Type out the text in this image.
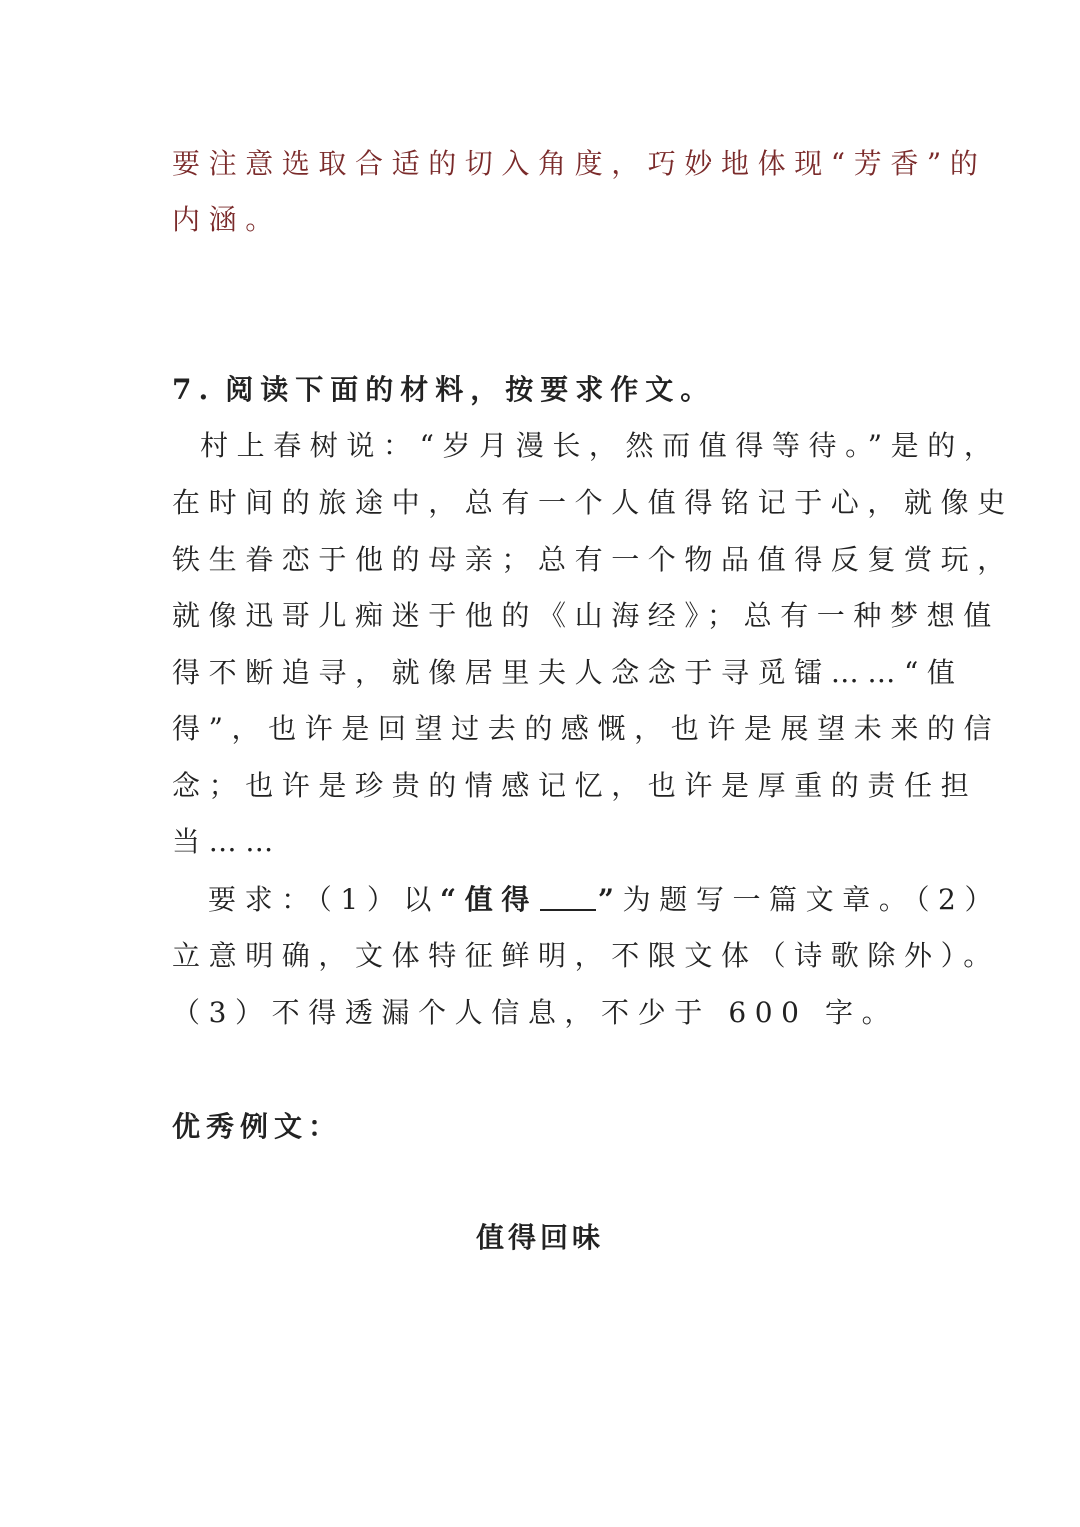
要注意选取合适的切入角度，巧妙地体现“芳香”的
内涵。
7. 阅读下面的材料，按要求作文。
村上春树说：“岁月漫长，然而值得等待。”是的，
在时间的旅途中，总有一个人值得铭记于心，就像史
铁生眷恋于他的母亲；总有一个物品值得反复赏玩，
就像迅哥儿痴迷于他的《山海经》；总有一种梦想值
得不断追寻，就像居里夫人念念于寻觅镭……“值
得”，也许是回望过去的感慨，也许是展望未来的信
念；也许是珍贵的情感记忆，也许是厚重的责任担
当……
要求：（1）以“值得 ”为题写一篇文章。（2）
立意明确，文体特征鲜明，不限文体（诗歌除外）。
（3）不得透漏个人信息，不少于 600 字。
优秀例文：
值得回味
